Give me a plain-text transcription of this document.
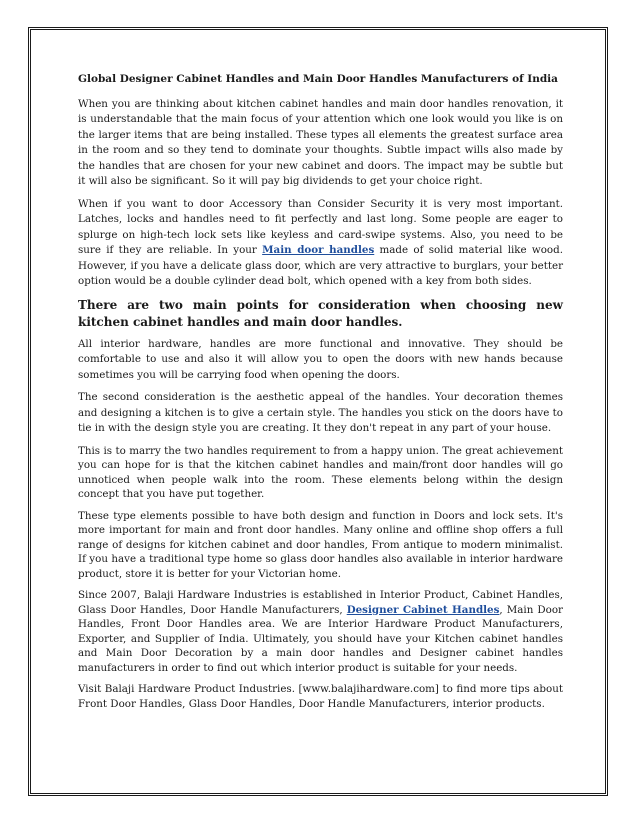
Global Designer Cabinet Handles and Main Door Handles Manufacturers of India

When you are thinking about kitchen cabinet handles and main door handles renovation, it is understandable that the main focus of your attention which one look would you like is on the larger items that are being installed. These types all elements the greatest surface area in the room and so they tend to dominate your thoughts. Subtle impact wills also made by the handles that are chosen for your new cabinet and doors. The impact may be subtle but it will also be significant. So it will pay big dividends to get your choice right.

When if you want to door Accessory than Consider Security it is very most important. Latches, locks and handles need to fit perfectly and last long. Some people are eager to splurge on high-tech lock sets like keyless and card-swipe systems. Also, you need to be sure if they are reliable. In your Main door handles made of solid material like wood. However, if you have a delicate glass door, which are very attractive to burglars, your better option would be a double cylinder dead bolt, which opened with a key from both sides.

There are two main points for consideration when choosing new kitchen cabinet handles and main door handles.

All interior hardware, handles are more functional and innovative. They should be comfortable to use and also it will allow you to open the doors with new hands because sometimes you will be carrying food when opening the doors.

The second consideration is the aesthetic appeal of the handles. Your decoration themes and designing a kitchen is to give a certain style. The handles you stick on the doors have to tie in with the design style you are creating. It they don't repeat in any part of your house.

This is to marry the two handles requirement to from a happy union. The great achievement you can hope for is that the kitchen cabinet handles and main/front door handles will go unnoticed when people walk into the room. These elements belong within the design concept that you have put together.

These type elements possible to have both design and function in Doors and lock sets. It's more important for main and front door handles. Many online and offline shop offers a full range of designs for kitchen cabinet and door handles, From antique to modern minimalist. If you have a traditional type home so glass door handles also available in interior hardware product, store it is better for your Victorian home.

Since 2007, Balaji Hardware Industries is established in Interior Product, Cabinet Handles, Glass Door Handles, Door Handle Manufacturers, Designer Cabinet Handles, Main Door Handles, Front Door Handles area. We are Interior Hardware Product Manufacturers, Exporter, and Supplier of India. Ultimately, you should have your Kitchen cabinet handles and Main Door Decoration by a main door handles and Designer cabinet handles manufacturers in order to find out which interior product is suitable for your needs.

Visit Balaji Hardware Product Industries. [www.balajihardware.com] to find more tips about Front Door Handles, Glass Door Handles, Door Handle Manufacturers, interior products.
